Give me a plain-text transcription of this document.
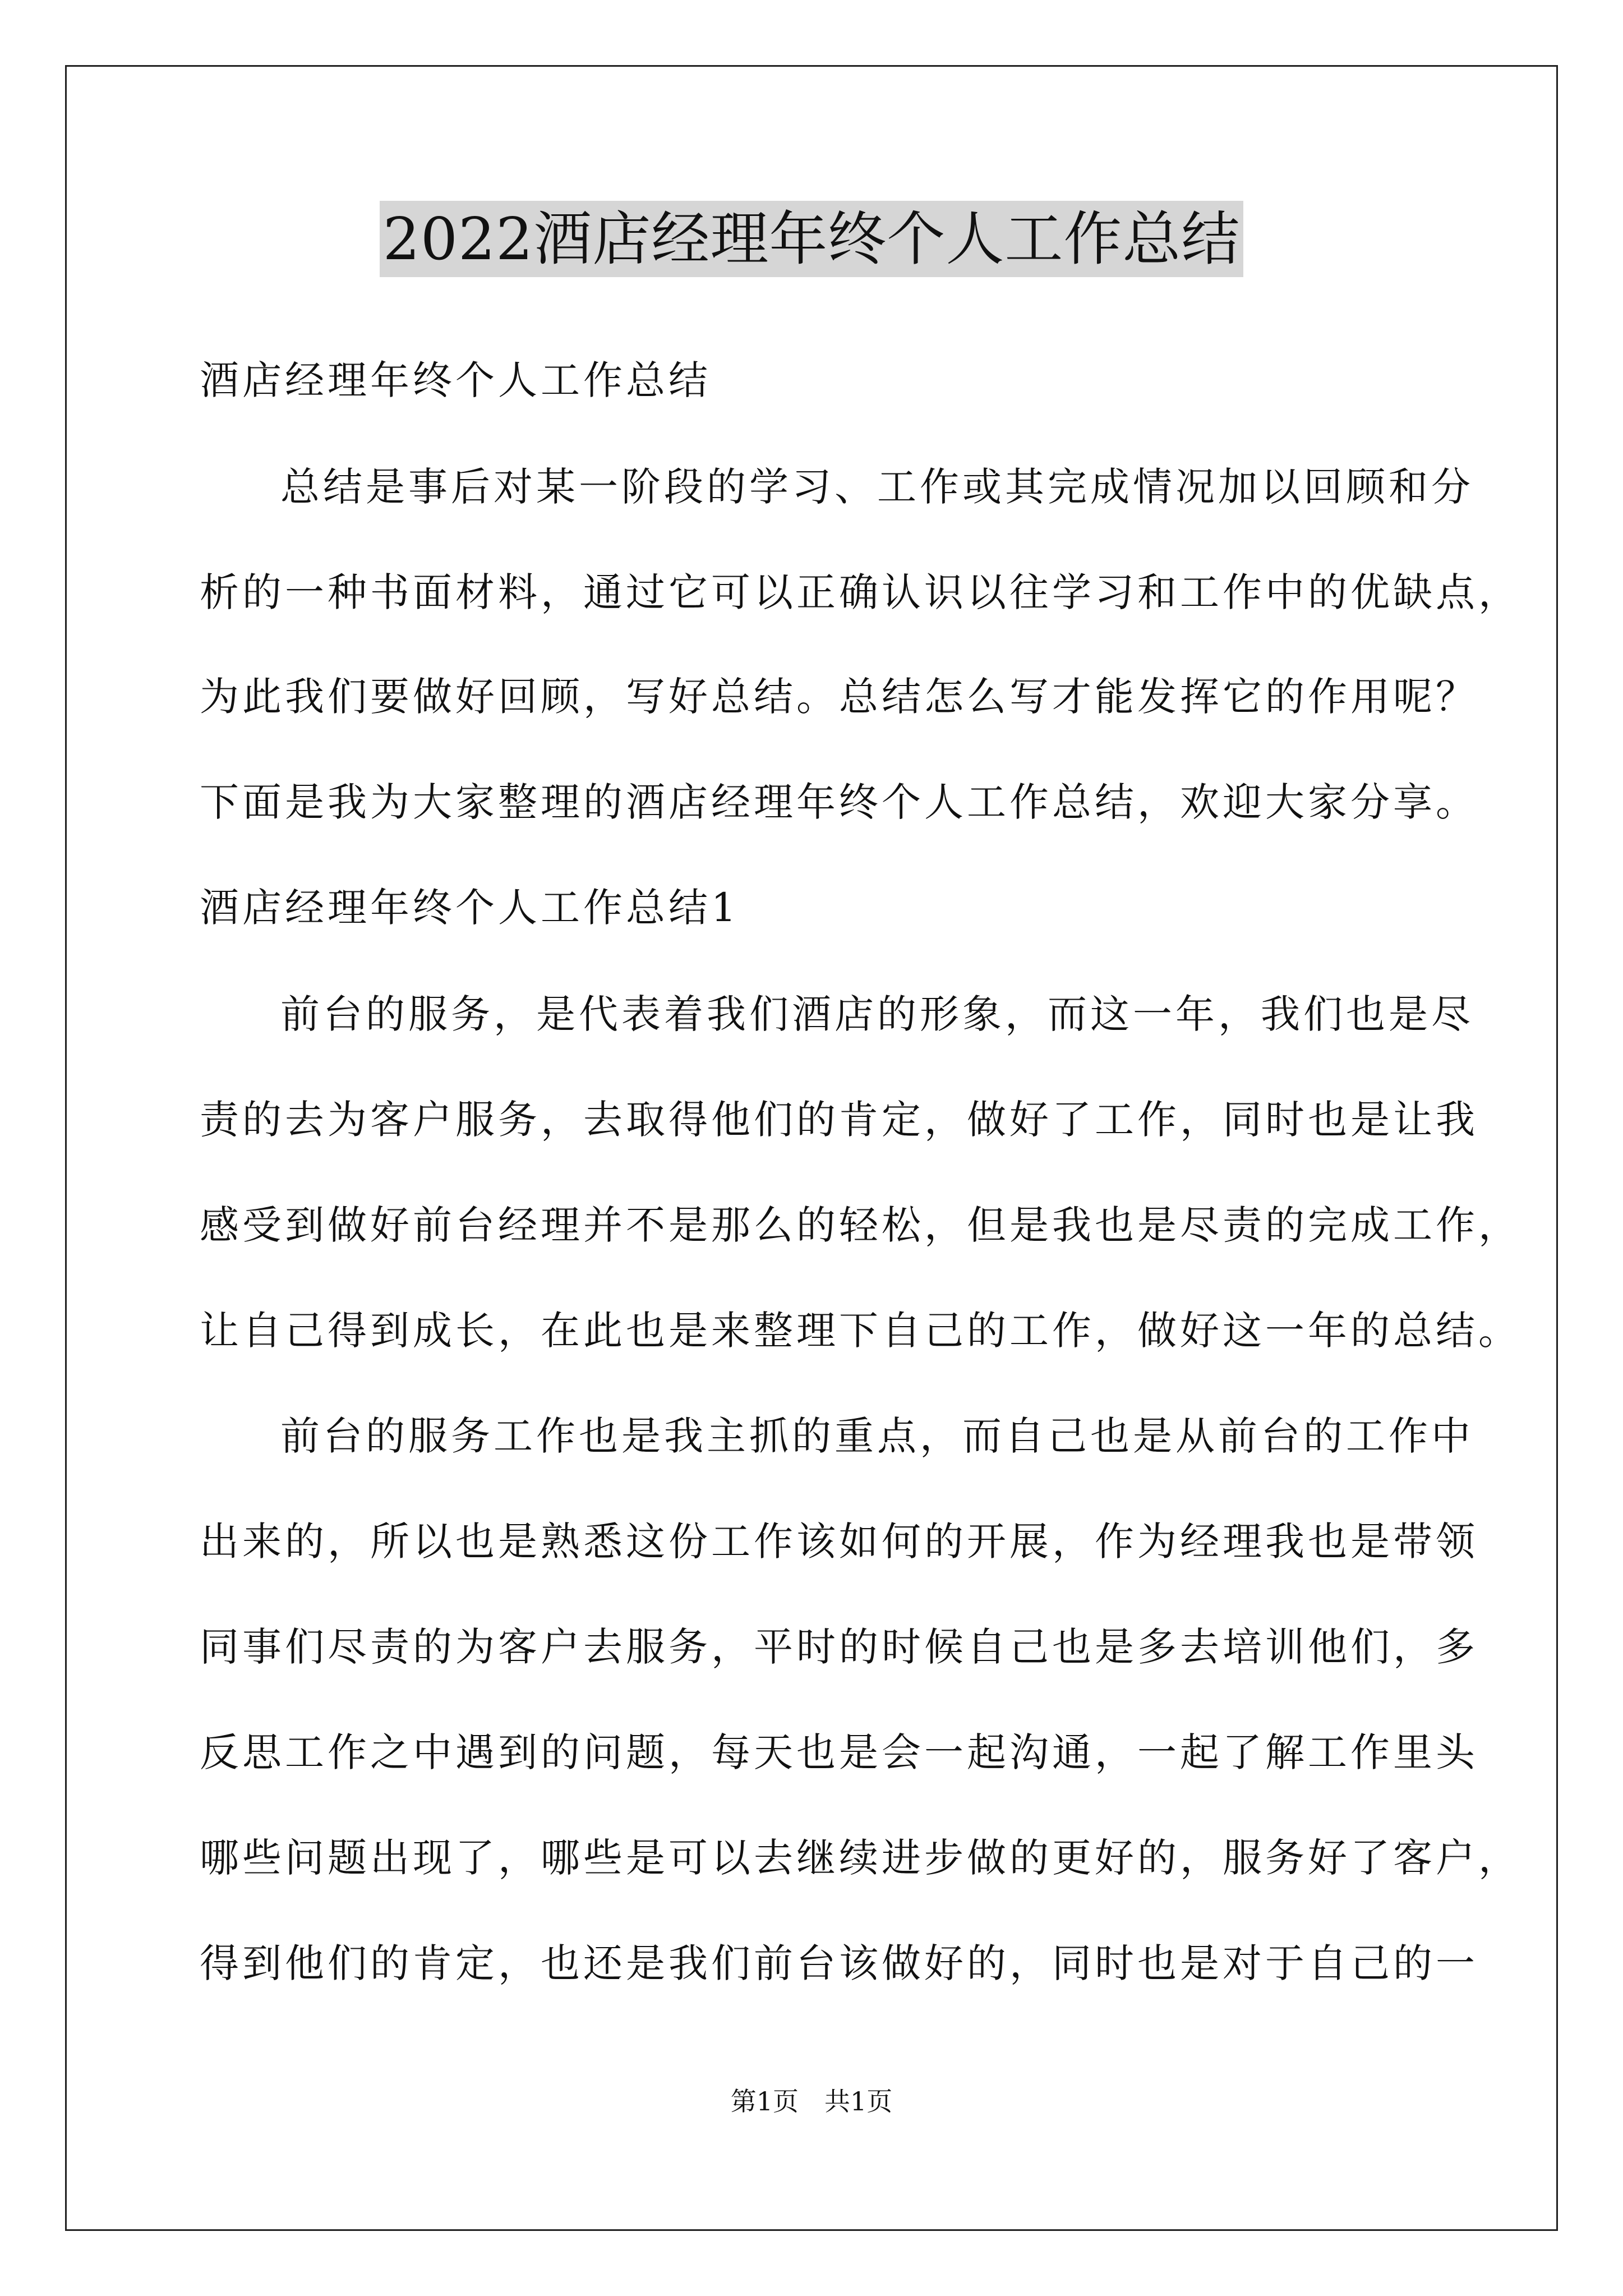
2022酒店经理年终个人工作总结
酒店经理年终个人工作总结
总结是事后对某一阶段的学习、工作或其完成情况加以回顾和分
析的一种书面材料，通过它可以正确认识以往学习和工作中的优缺点，
为此我们要做好回顾，写好总结。总结怎么写才能发挥它的作用呢？
下面是我为大家整理的酒店经理年终个人工作总结，欢迎大家分享。
酒店经理年终个人工作总结1
前台的服务，是代表着我们酒店的形象，而这一年，我们也是尽
责的去为客户服务，去取得他们的肯定，做好了工作，同时也是让我
感受到做好前台经理并不是那么的轻松，但是我也是尽责的完成工作，
让自己得到成长，在此也是来整理下自己的工作，做好这一年的总结。
前台的服务工作也是我主抓的重点，而自己也是从前台的工作中
出来的，所以也是熟悉这份工作该如何的开展，作为经理我也是带领
同事们尽责的为客户去服务，平时的时候自己也是多去培训他们，多
反思工作之中遇到的问题，每天也是会一起沟通，一起了解工作里头
哪些问题出现了，哪些是可以去继续进步做的更好的，服务好了客户，
得到他们的肯定，也还是我们前台该做好的，同时也是对于自己的一
第1页　共1页
